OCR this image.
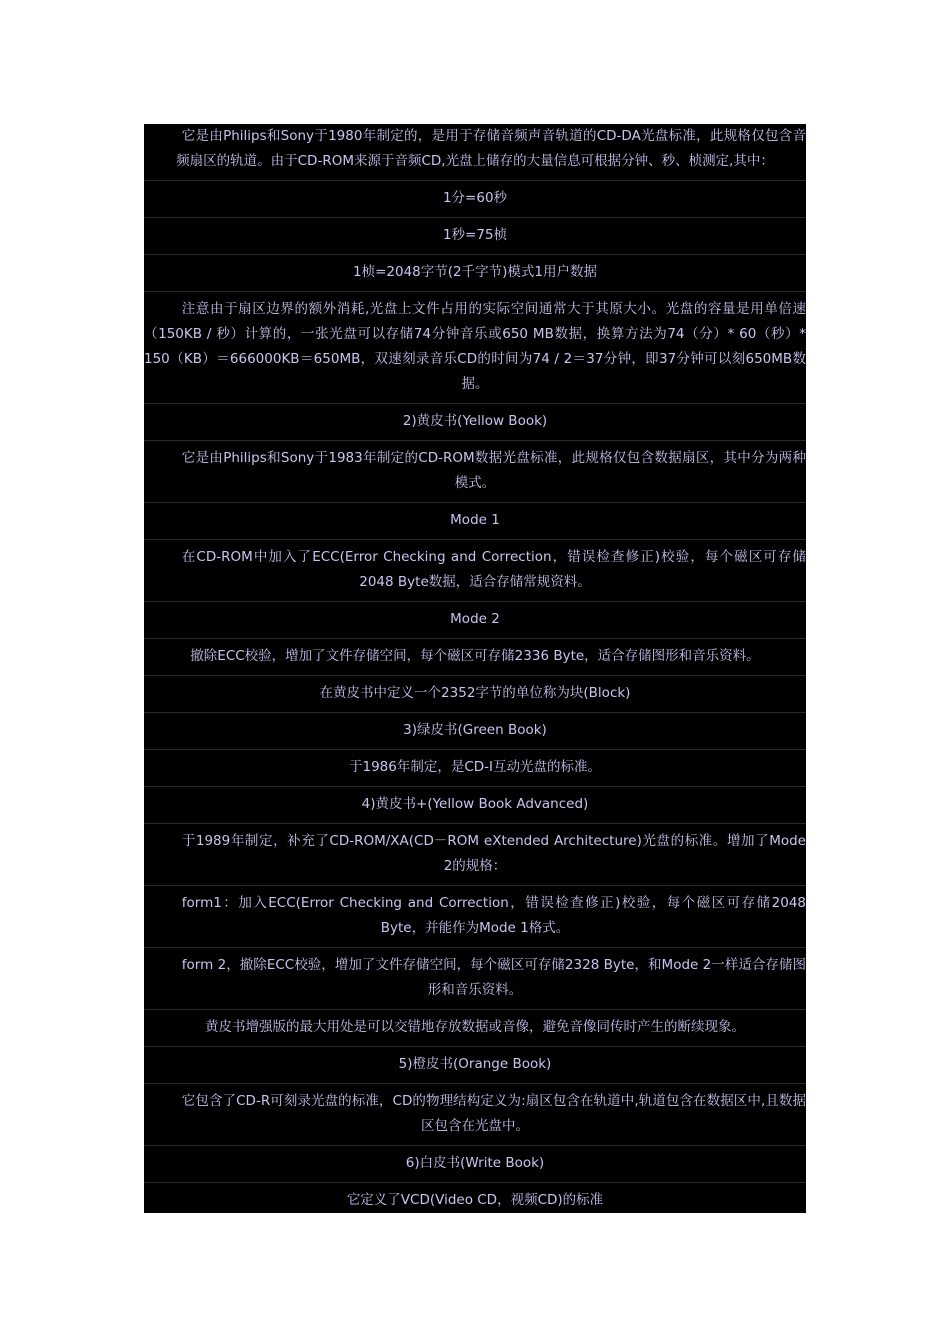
它是由Philips和Sony于1980年制定的，是用于存储音频声音轨道的CD-DA光盘标准，此规格仅包含音频扇区的轨道。由于CD-ROM来源于音频CD,光盘上储存的大量信息可根据分钟、秒、桢测定,其中：

1分=60秒

1秒=75桢

1桢=2048字节(2千字节)模式1用户数据

注意由于扇区边界的额外消耗,光盘上文件占用的实际空间通常大于其原大小。光盘的容量是用单倍速（150KB / 秒）计算的，一张光盘可以存储74分钟音乐或650 MB数据，换算方法为74（分）* 60（秒）* 150（KB）＝666000KB＝650MB，双速刻录音乐CD的时间为74 / 2＝37分钟，即37分钟可以刻650MB数据。

2)黄皮书(Yellow Book)

它是由Philips和Sony于1983年制定的CD-ROM数据光盘标准，此规格仅包含数据扇区，其中分为两种模式。

Mode 1

在CD-ROM中加入了ECC(Error Checking and Correction，错误检查修正)校验，每个磁区可存储2048 Byte数据，适合存储常规资料。

Mode 2

撤除ECC校验，增加了文件存储空间，每个磁区可存储2336 Byte，适合存储图形和音乐资料。

在黄皮书中定义一个2352字节的单位称为块(Block)

3)绿皮书(Green Book)

于1986年制定，是CD-I互动光盘的标准。

4)黄皮书+(Yellow Book Advanced)

于1989年制定，补充了CD-ROM/XA(CD－ROM eXtended Architecture)光盘的标准。增加了Mode 2的规格：

form1：加入ECC(Error Checking and Correction，错误检查修正)校验，每个磁区可存储2048 Byte，并能作为Mode 1格式。

form 2，撤除ECC校验，增加了文件存储空间，每个磁区可存储2328 Byte，和Mode 2一样适合存储图形和音乐资料。

黄皮书增强版的最大用处是可以交错地存放数据或音像，避免音像同传时产生的断续现象。

5)橙皮书(Orange Book)

它包含了CD-R可刻录光盘的标准，CD的物理结构定义为:扇区包含在轨道中,轨道包含在数据区中,且数据区包含在光盘中。

6)白皮书(Write Book)

它定义了VCD(Video CD，视频CD)的标准
